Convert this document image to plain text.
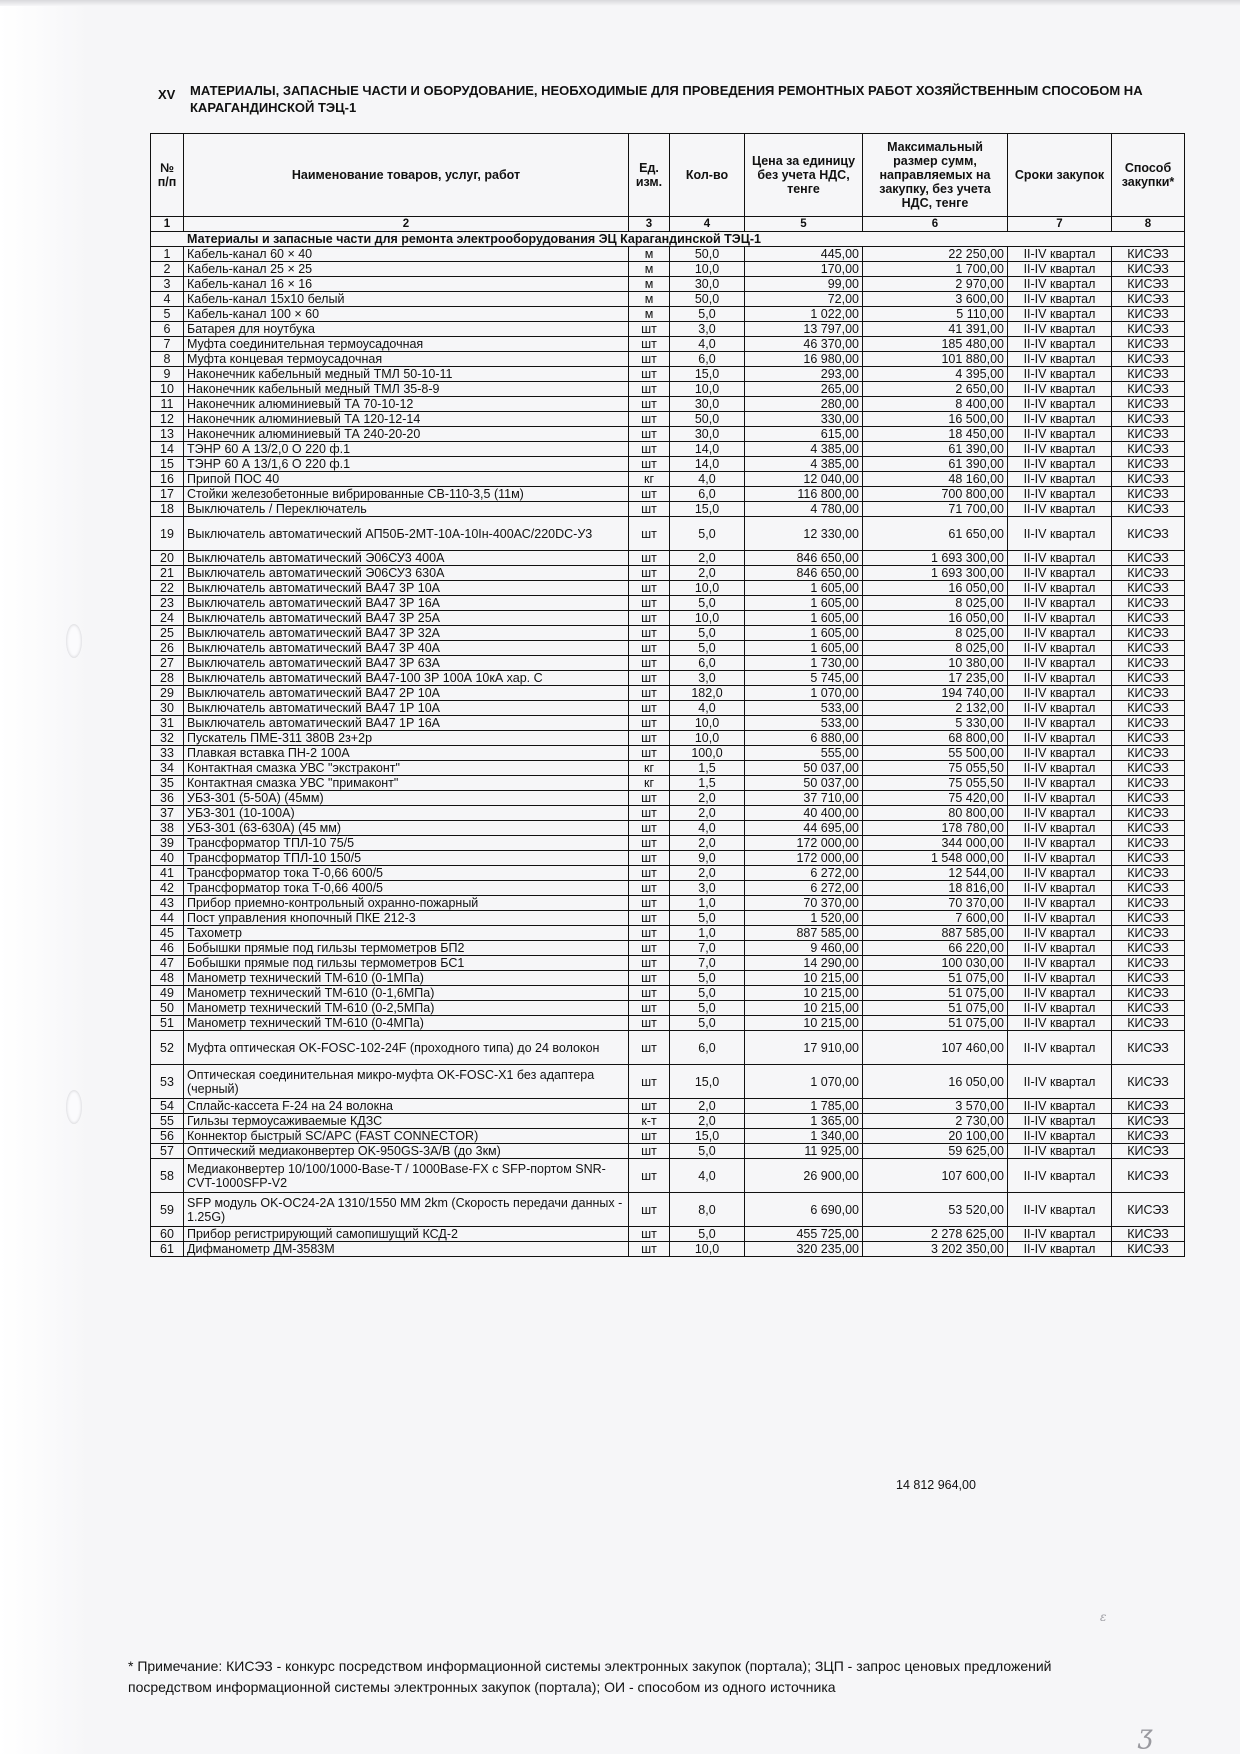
XV МАТЕРИАЛЫ, ЗАПАСНЫЕ ЧАСТИ И ОБОРУДОВАНИЕ, НЕОБХОДИМЫЕ ДЛЯ ПРОВЕДЕНИЯ РЕМОНТНЫХ РАБОТ ХОЗЯЙСТВЕННЫМ СПОСОБОМ НА КАРАГАНДИНСКОЙ ТЭЦ-1
№ п/п	Наименование товаров, услуг, работ	Ед. изм.	Кол-во	Цена за единицу без учета НДС, тенге	Максимальный размер сумм, направляемых на закупку, без учета НДС, тенге	Сроки закупок	Способ закупки*
1	2	3	4	5	6	7	8
Материалы и запасные части для ремонта электрооборудования ЭЦ Карагандинской ТЭЦ-1							
1	Кабель-канал 60 × 40	м	50,0	445,00	22 250,00	II-IV квартал	КИСЭЗ
2	Кабель-канал 25 × 25	м	10,0	170,00	1 700,00	II-IV квартал	КИСЭЗ
3	Кабель-канал 16 × 16	м	30,0	99,00	2 970,00	II-IV квартал	КИСЭЗ
4	Кабель-канал 15x10 белый	м	50,0	72,00	3 600,00	II-IV квартал	КИСЭЗ
5	Кабель-канал 100 × 60	м	5,0	1 022,00	5 110,00	II-IV квартал	КИСЭЗ
6	Батарея для ноутбука	шт	3,0	13 797,00	41 391,00	II-IV квартал	КИСЭЗ
7	Муфта соединительная термоусадочная	шт	4,0	46 370,00	185 480,00	II-IV квартал	КИСЭЗ
8	Муфта концевая термоусадочная	шт	6,0	16 980,00	101 880,00	II-IV квартал	КИСЭЗ
9	Наконечник кабельный медный ТМЛ 50-10-11	шт	15,0	293,00	4 395,00	II-IV квартал	КИСЭЗ
10	Наконечник кабельный медный ТМЛ 35-8-9	шт	10,0	265,00	2 650,00	II-IV квартал	КИСЭЗ
11	Наконечник алюминиевый ТА 70-10-12	шт	30,0	280,00	8 400,00	II-IV квартал	КИСЭЗ
12	Наконечник алюминиевый ТА 120-12-14	шт	50,0	330,00	16 500,00	II-IV квартал	КИСЭЗ
13	Наконечник алюминиевый ТА 240-20-20	шт	30,0	615,00	18 450,00	II-IV квартал	КИСЭЗ
14	ТЭНР 60 А 13/2,0 О 220 ф.1	шт	14,0	4 385,00	61 390,00	II-IV квартал	КИСЭЗ
15	ТЭНР 60 А 13/1,6 О 220 ф.1	шт	14,0	4 385,00	61 390,00	II-IV квартал	КИСЭЗ
16	Припой ПОС 40	кг	4,0	12 040,00	48 160,00	II-IV квартал	КИСЭЗ
17	Стойки железобетонные вибрированные СВ-110-3,5 (11м)	шт	6,0	116 800,00	700 800,00	II-IV квартал	КИСЭЗ
18	Выключатель / Переключатель	шт	15,0	4 780,00	71 700,00	II-IV квартал	КИСЭЗ
19	Выключатель автоматический АП50Б-2МТ-10А-10Iн-400АС/220DC-У3	шт	5,0	12 330,00	61 650,00	II-IV квартал	КИСЭЗ
20	Выключатель автоматический Э06СУ3 400А	шт	2,0	846 650,00	1 693 300,00	II-IV квартал	КИСЭЗ
21	Выключатель автоматический Э06СУ3 630А	шт	2,0	846 650,00	1 693 300,00	II-IV квартал	КИСЭЗ
22	Выключатель автоматический ВА47 3Р 10А	шт	10,0	1 605,00	16 050,00	II-IV квартал	КИСЭЗ
23	Выключатель автоматический ВА47 3Р 16А	шт	5,0	1 605,00	8 025,00	II-IV квартал	КИСЭЗ
24	Выключатель автоматический ВА47 3Р 25А	шт	10,0	1 605,00	16 050,00	II-IV квартал	КИСЭЗ
25	Выключатель автоматический ВА47 3Р 32А	шт	5,0	1 605,00	8 025,00	II-IV квартал	КИСЭЗ
26	Выключатель автоматический ВА47 3Р 40А	шт	5,0	1 605,00	8 025,00	II-IV квартал	КИСЭЗ
27	Выключатель автоматический ВА47 3Р 63А	шт	6,0	1 730,00	10 380,00	II-IV квартал	КИСЭЗ
28	Выключатель автоматический ВА47-100 3Р 100А 10кА хар. С	шт	3,0	5 745,00	17 235,00	II-IV квартал	КИСЭЗ
29	Выключатель автоматический ВА47 2Р 10А	шт	182,0	1 070,00	194 740,00	II-IV квартал	КИСЭЗ
30	Выключатель автоматический ВА47 1Р 10А	шт	4,0	533,00	2 132,00	II-IV квартал	КИСЭЗ
31	Выключатель автоматический ВА47 1Р 16А	шт	10,0	533,00	5 330,00	II-IV квартал	КИСЭЗ
32	Пускатель ПМЕ-311 380В 2з+2р	шт	10,0	6 880,00	68 800,00	II-IV квартал	КИСЭЗ
33	Плавкая вставка ПН-2 100А	шт	100,0	555,00	55 500,00	II-IV квартал	КИСЭЗ
34	Контактная смазка УВС "экстраконт"	кг	1,5	50 037,00	75 055,50	II-IV квартал	КИСЭЗ
35	Контактная смазка УВС "примаконт"	кг	1,5	50 037,00	75 055,50	II-IV квартал	КИСЭЗ
36	УБЗ-301 (5-50А) (45мм)	шт	2,0	37 710,00	75 420,00	II-IV квартал	КИСЭЗ
37	УБЗ-301 (10-100А)	шт	2,0	40 400,00	80 800,00	II-IV квартал	КИСЭЗ
38	УБЗ-301 (63-630А) (45 мм)	шт	4,0	44 695,00	178 780,00	II-IV квартал	КИСЭЗ
39	Трансформатор ТПЛ-10 75/5	шт	2,0	172 000,00	344 000,00	II-IV квартал	КИСЭЗ
40	Трансформатор ТПЛ-10 150/5	шт	9,0	172 000,00	1 548 000,00	II-IV квартал	КИСЭЗ
41	Трансформатор тока Т-0,66 600/5	шт	2,0	6 272,00	12 544,00	II-IV квартал	КИСЭЗ
42	Трансформатор тока Т-0,66 400/5	шт	3,0	6 272,00	18 816,00	II-IV квартал	КИСЭЗ
43	Прибор приемно-контрольный охранно-пожарный	шт	1,0	70 370,00	70 370,00	II-IV квартал	КИСЭЗ
44	Пост управления кнопочный ПКЕ 212-3	шт	5,0	1 520,00	7 600,00	II-IV квартал	КИСЭЗ
45	Тахометр	шт	1,0	887 585,00	887 585,00	II-IV квартал	КИСЭЗ
46	Бобышки прямые под гильзы термометров БП2	шт	7,0	9 460,00	66 220,00	II-IV квартал	КИСЭЗ
47	Бобышки прямые под гильзы термометров БС1	шт	7,0	14 290,00	100 030,00	II-IV квартал	КИСЭЗ
48	Манометр технический ТМ-610 (0-1МПа)	шт	5,0	10 215,00	51 075,00	II-IV квартал	КИСЭЗ
49	Манометр технический ТМ-610 (0-1,6МПа)	шт	5,0	10 215,00	51 075,00	II-IV квартал	КИСЭЗ
50	Манометр технический ТМ-610 (0-2,5МПа)	шт	5,0	10 215,00	51 075,00	II-IV квартал	КИСЭЗ
51	Манометр технический ТМ-610 (0-4МПа)	шт	5,0	10 215,00	51 075,00	II-IV квартал	КИСЭЗ
52	Муфта оптическая OK-FOSC-102-24F (проходного типа) до 24 волокон	шт	6,0	17 910,00	107 460,00	II-IV квартал	КИСЭЗ
53	Оптическая соединительная микро-муфта OK-FOSC-X1 без адаптера (черный)	шт	15,0	1 070,00	16 050,00	II-IV квартал	КИСЭЗ
54	Сплайс-кассета F-24 на 24 волокна	шт	2,0	1 785,00	3 570,00	II-IV квартал	КИСЭЗ
55	Гильзы термоусаживаемые КДЗС	к-т	2,0	1 365,00	2 730,00	II-IV квартал	КИСЭЗ
56	Коннектор быстрый SC/APC (FAST CONNECTOR)	шт	15,0	1 340,00	20 100,00	II-IV квартал	КИСЭЗ
57	Оптический медиаконвертер OK-950GS-3A/B (до 3км)	шт	5,0	11 925,00	59 625,00	II-IV квартал	КИСЭЗ
58	Медиаконвертер 10/100/1000-Base-T / 1000Base-FX с SFP-портом SNR-CVT-1000SFP-V2	шт	4,0	26 900,00	107 600,00	II-IV квартал	КИСЭЗ
59	SFP модуль OK-OC24-2A 1310/1550 MM 2km (Скорость передачи данных - 1.25G)	шт	8,0	6 690,00	53 520,00	II-IV квартал	КИСЭЗ
60	Прибор регистрирующий самопишущий КСД-2	шт	5,0	455 725,00	2 278 625,00	II-IV квартал	КИСЭЗ
61	Дифманометр ДМ-3583М	шт	10,0	320 235,00	3 202 350,00	II-IV квартал	КИСЭЗ
14 812 964,00
* Примечание: КИСЭЗ - конкурс посредством информационной системы электронных закупок (портала); ЗЦП - запрос ценовых предложений посредством информационной системы электронных закупок (портала); ОИ - способом из одного источника
ɛ
ʒ
